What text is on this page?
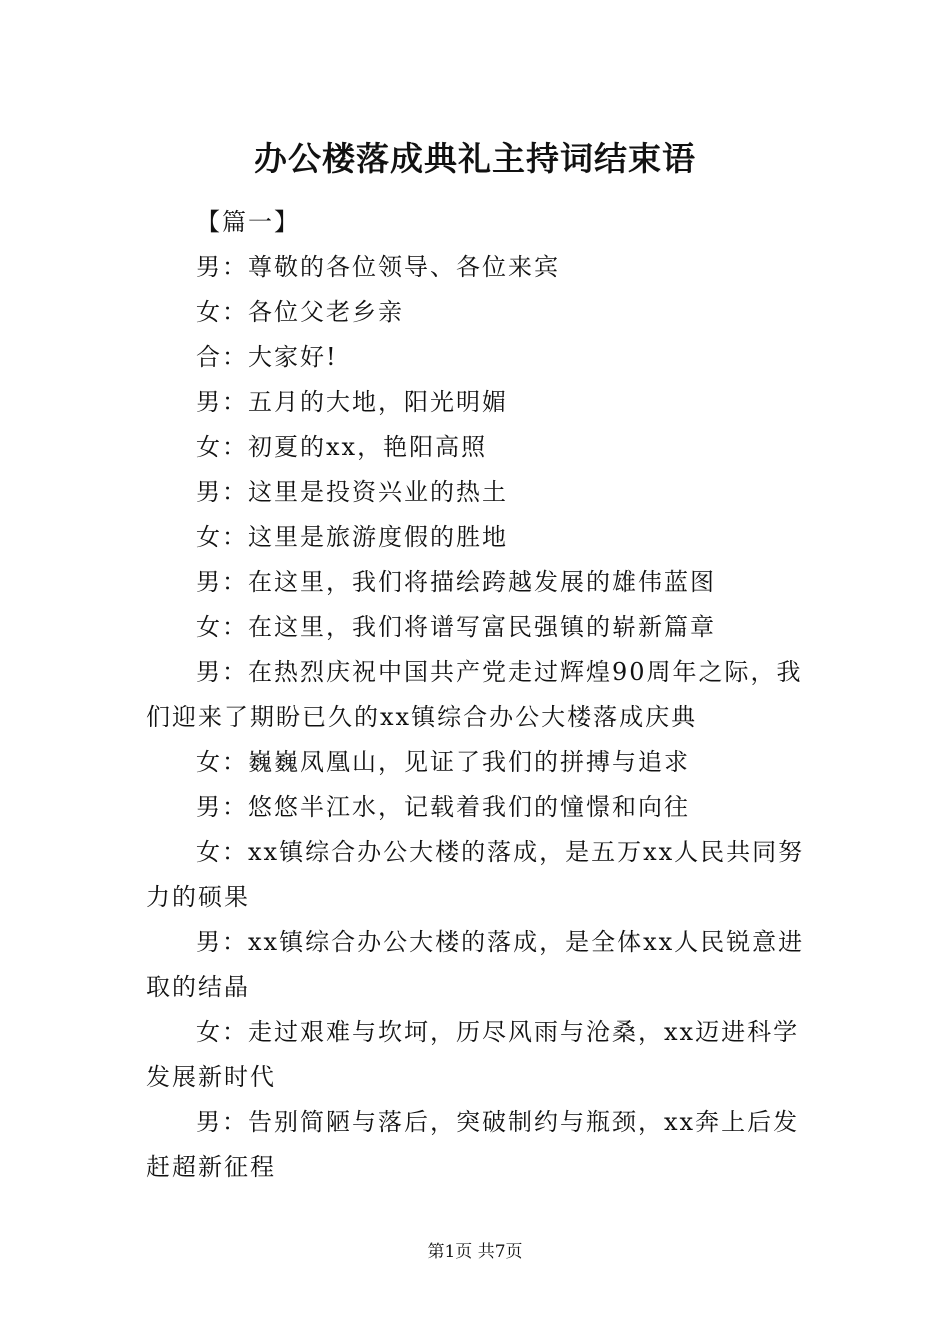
办公楼落成典礼主持词结束语

【篇一】

男：尊敬的各位领导、各位来宾

女：各位父老乡亲

合：大家好!

男：五月的大地，阳光明媚

女：初夏的xx，艳阳高照

男：这里是投资兴业的热土

女：这里是旅游度假的胜地

男：在这里，我们将描绘跨越发展的雄伟蓝图

女：在这里，我们将谱写富民强镇的崭新篇章

男：在热烈庆祝中国共产党走过辉煌90周年之际，我们迎来了期盼已久的xx镇综合办公大楼落成庆典

女：巍巍凤凰山，见证了我们的拼搏与追求

男：悠悠半江水，记载着我们的憧憬和向往

女：xx镇综合办公大楼的落成，是五万xx人民共同努力的硕果

男：xx镇综合办公大楼的落成，是全体xx人民锐意进取的结晶

女：走过艰难与坎坷，历尽风雨与沧桑，xx迈进科学发展新时代

男：告别简陋与落后，突破制约与瓶颈，xx奔上后发赶超新征程

第1页 共7页
